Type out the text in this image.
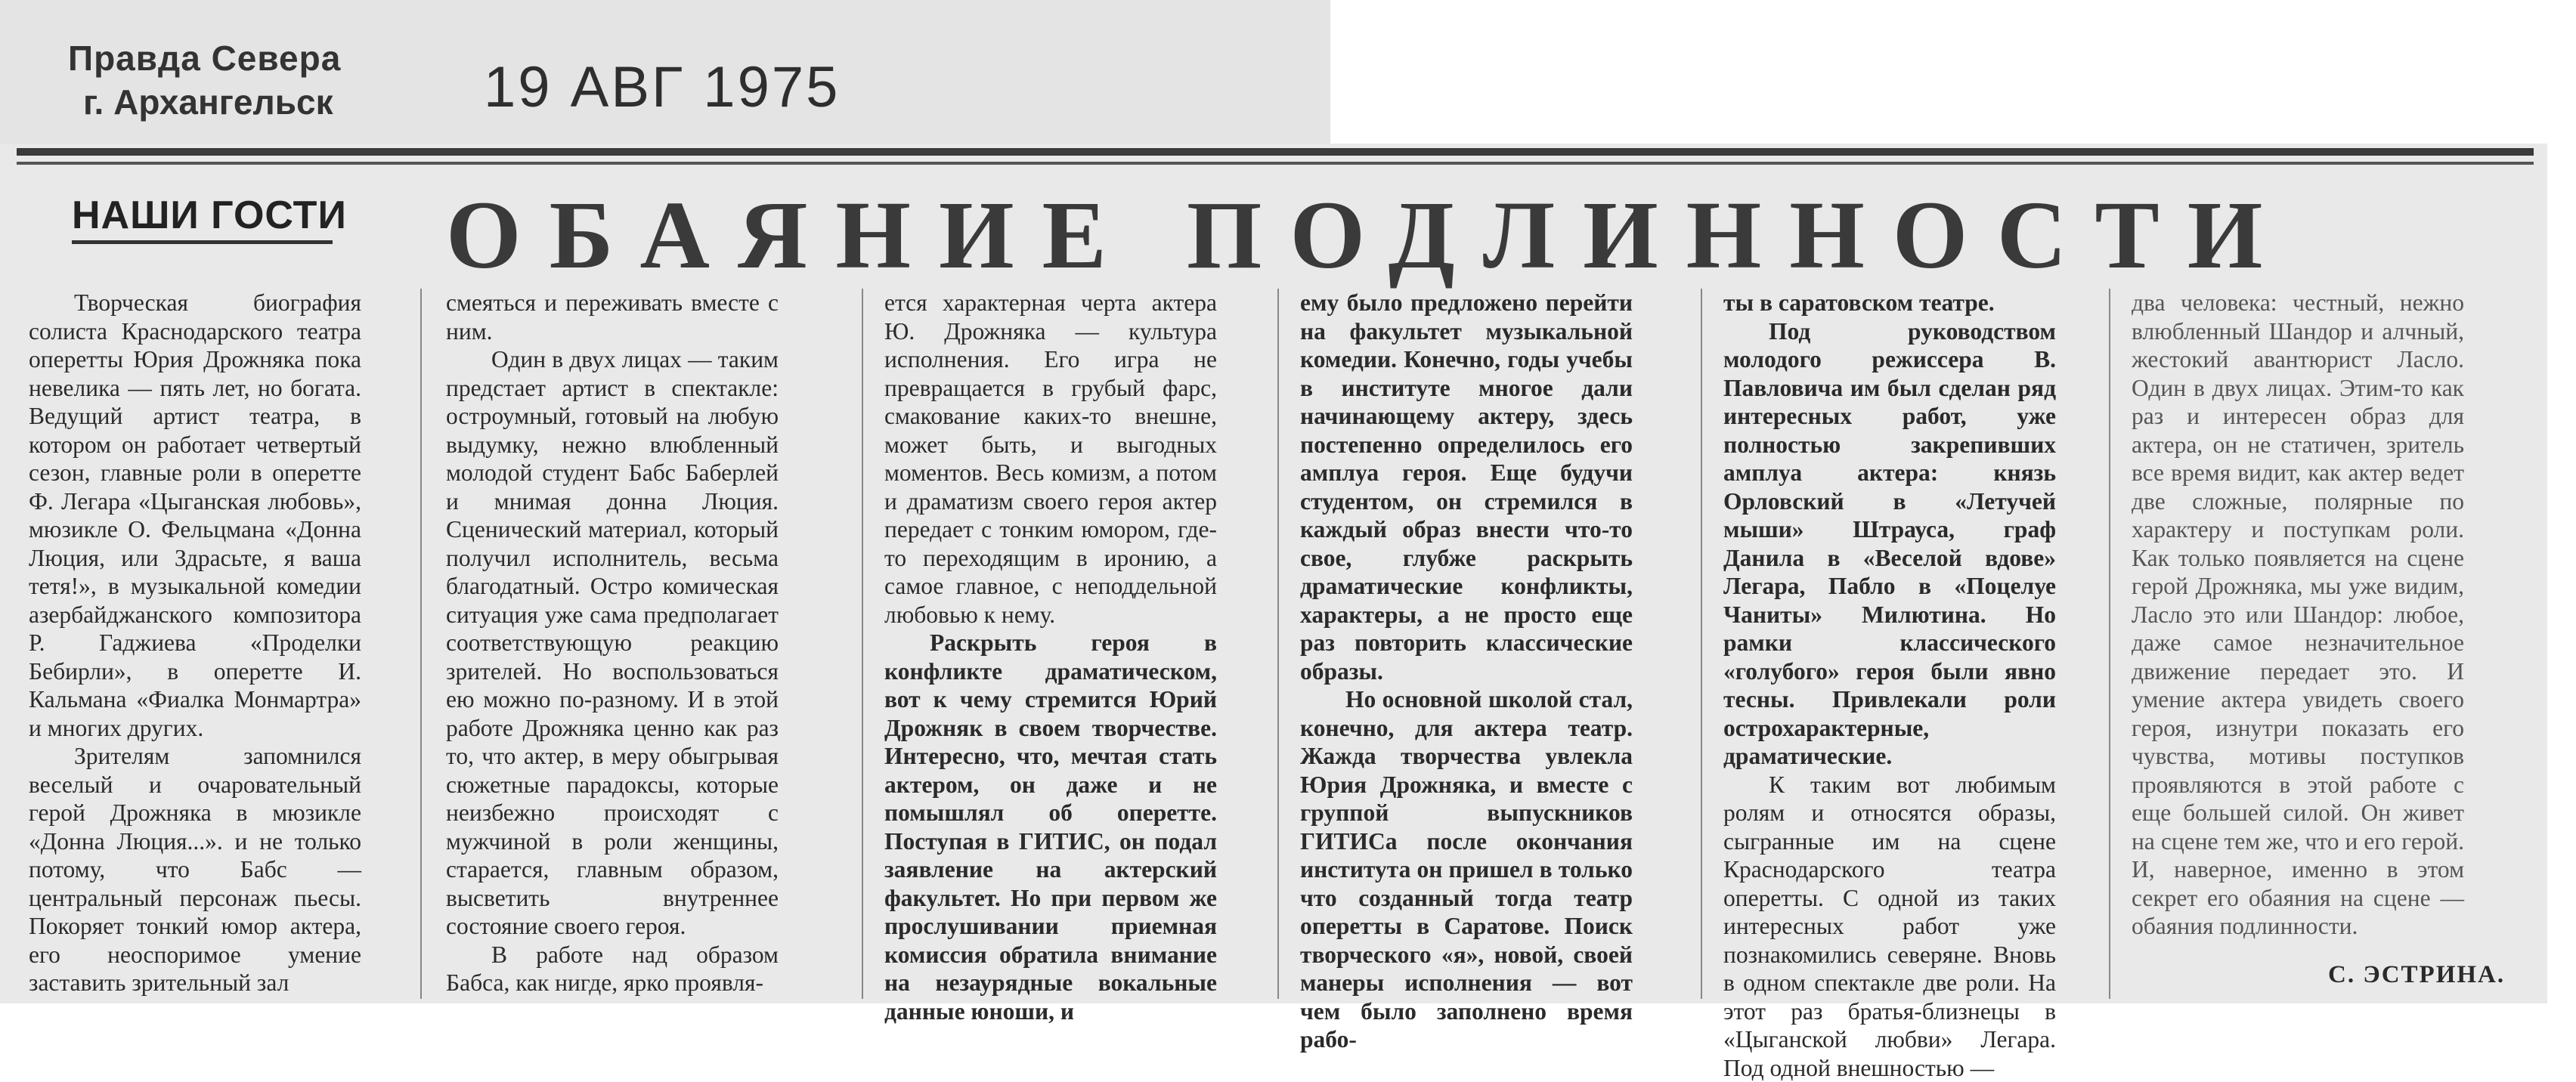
Правда Севера
г. Архангельск	19 АВГ 1975
НАШИ ГОСТИ ОБАЯНИЕ ПОДЛИННОСТИ

Творческая биография солиста Краснодарского театра оперетты Юрия Дрожняка пока невелика — пять лет, но богата. Ведущий артист театра, в котором он работает четвертый сезон, главные роли в оперетте Ф. Легара «Цыганская любовь», мюзикле О. Фельцмана «Донна Люция, или Здрасьте, я ваша тетя!», в музыкальной комедии азербайджанского композитора Р. Гаджиева «Проделки Бебирли», в оперетте И. Кальмана «Фиалка Монмартра» и многих других.

Зрителям запомнился веселый и очаровательный герой Дрожняка в мюзикле «Донна Люция...». и не только потому, что Бабс — центральный персонаж пьесы. Покоряет тонкий юмор актера, его неоспоримое умение заставить зрительный зал

смеяться и переживать вместе с ним.

Один в двух лицах — таким предстает артист в спектакле: остроумный, готовый на любую выдумку, нежно влюбленный молодой студент Бабс Баберлей и мнимая донна Люция. Сценический материал, который получил исполнитель, весьма благодатный. Остро комическая ситуация уже сама предполагает соответствующую реакцию зрителей. Но воспользоваться ею можно по-разному. И в этой работе Дрожняка ценно как раз то, что актер, в меру обыгрывая сюжетные парадоксы, которые неизбежно происходят с мужчиной в роли женщины, старается, главным образом, высветить внутреннее состояние своего героя.

В работе над образом Бабса, как нигде, ярко проявля-

ется характерная черта актера Ю. Дрожняка — культура исполнения. Его игра не превращается в грубый фарс, смакование каких-то внешне, может быть, и выгодных моментов. Весь комизм, а потом и драматизм своего героя актер передает с тонким юмором, где-то переходящим в иронию, а самое главное, с неподдельной любовью к нему.

Раскрыть героя в конфликте драматическом, вот к чему стремится Юрий Дрожняк в своем творчестве. Интересно, что, мечтая стать актером, он даже и не помышлял об оперетте. Поступая в ГИТИС, он подал заявление на актерский факультет. Но при первом же прослушивании приемная комиссия обратила внимание на незаурядные вокальные данные юноши, и

ему было предложено перейти на факультет музыкальной комедии. Конечно, годы учебы в институте многое дали начинающему актеру, здесь постепенно определилось его амплуа героя. Еще будучи студентом, он стремился в каждый образ внести что-то свое, глубже раскрыть драматические конфликты, характеры, а не просто еще раз повторить классические образы.

Но основной школой стал, конечно, для актера театр. Жажда творчества увлекла Юрия Дрожняка, и вместе с группой выпускников ГИТИСа после окончания института он пришел в только что созданный тогда театр оперетты в Саратове. Поиск творческого «я», новой, своей манеры исполнения — вот чем было заполнено время рабо-

ты в саратовском театре.

Под руководством молодого режиссера В. Павловича им был сделан ряд интересных работ, уже полностью закрепивших амплуа актера: князь Орловский в «Летучей мыши» Штрауса, граф Данила в «Веселой вдове» Легара, Пабло в «Поцелуе Чаниты» Милютина. Но рамки классического «голубого» героя были явно тесны. Привлекали роли острохарактерные, драматические.

К таким вот любимым ролям и относятся образы, сыгранные им на сцене Краснодарского театра оперетты. С одной из таких интересных работ уже познакомились северяне. Вновь в одном спектакле две роли. На этот раз братья-близнецы в «Цыганской любви» Легара. Под одной внешностью —

два человека: честный, нежно влюбленный Шандор и алчный, жестокий авантюрист Ласло. Один в двух лицах. Этим-то как раз и интересен образ для актера, он не статичен, зритель все время видит, как актер ведет две сложные, полярные по характеру и поступкам роли. Как только появляется на сцене герой Дрожняка, мы уже видим, Ласло это или Шандор: любое, даже самое незначительное движение передает это. И умение актера увидеть своего героя, изнутри показать его чувства, мотивы поступков проявляются в этой работе с еще большей силой. Он живет на сцене тем же, что и его герой. И, наверное, именно в этом секрет его обаяния на сцене — обаяния подлинности.

С. ЭСТРИНА.
